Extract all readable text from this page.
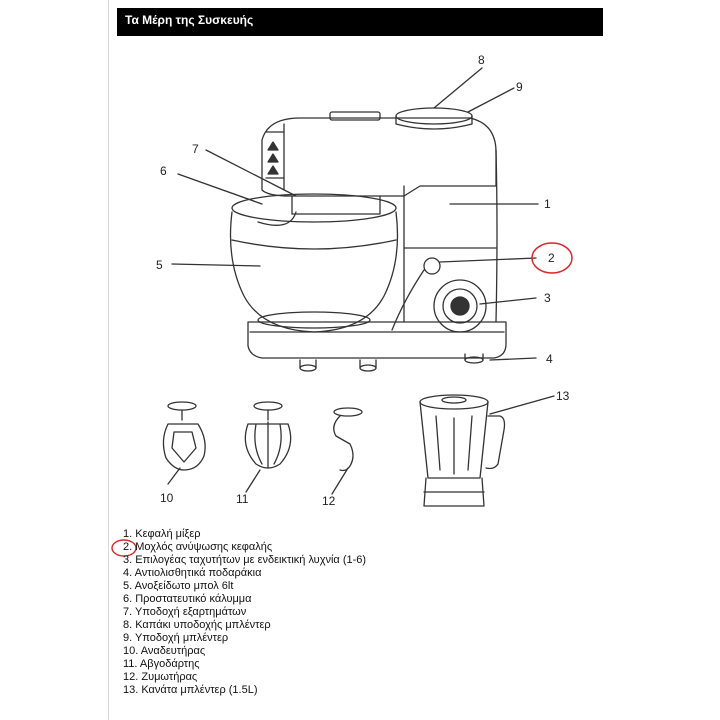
Τα Μέρη της Συσκευής
1
2
3
4
5
6
7
8
9
10	11	12
13
1. Κεφαλή μίξερ
2. Μοχλός ανύψωσης κεφαλής
3. Επιλογέας ταχυτήτων με ενδεικτική λυχνία (1-6)
4. Αντιολισθητικά ποδαράκια
5. Ανοξείδωτο μπολ 6lt
6. Προστατευτικό κάλυμμα
7. Υποδοχή εξαρτημάτων
8. Καπάκι υποδοχής μπλέντερ
9. Υποδοχή μπλέντερ
10. Αναδευτήρας
11. Αβγοδάρτης
12. Ζυμωτήρας
13. Κανάτα μπλέντερ (1.5L)
